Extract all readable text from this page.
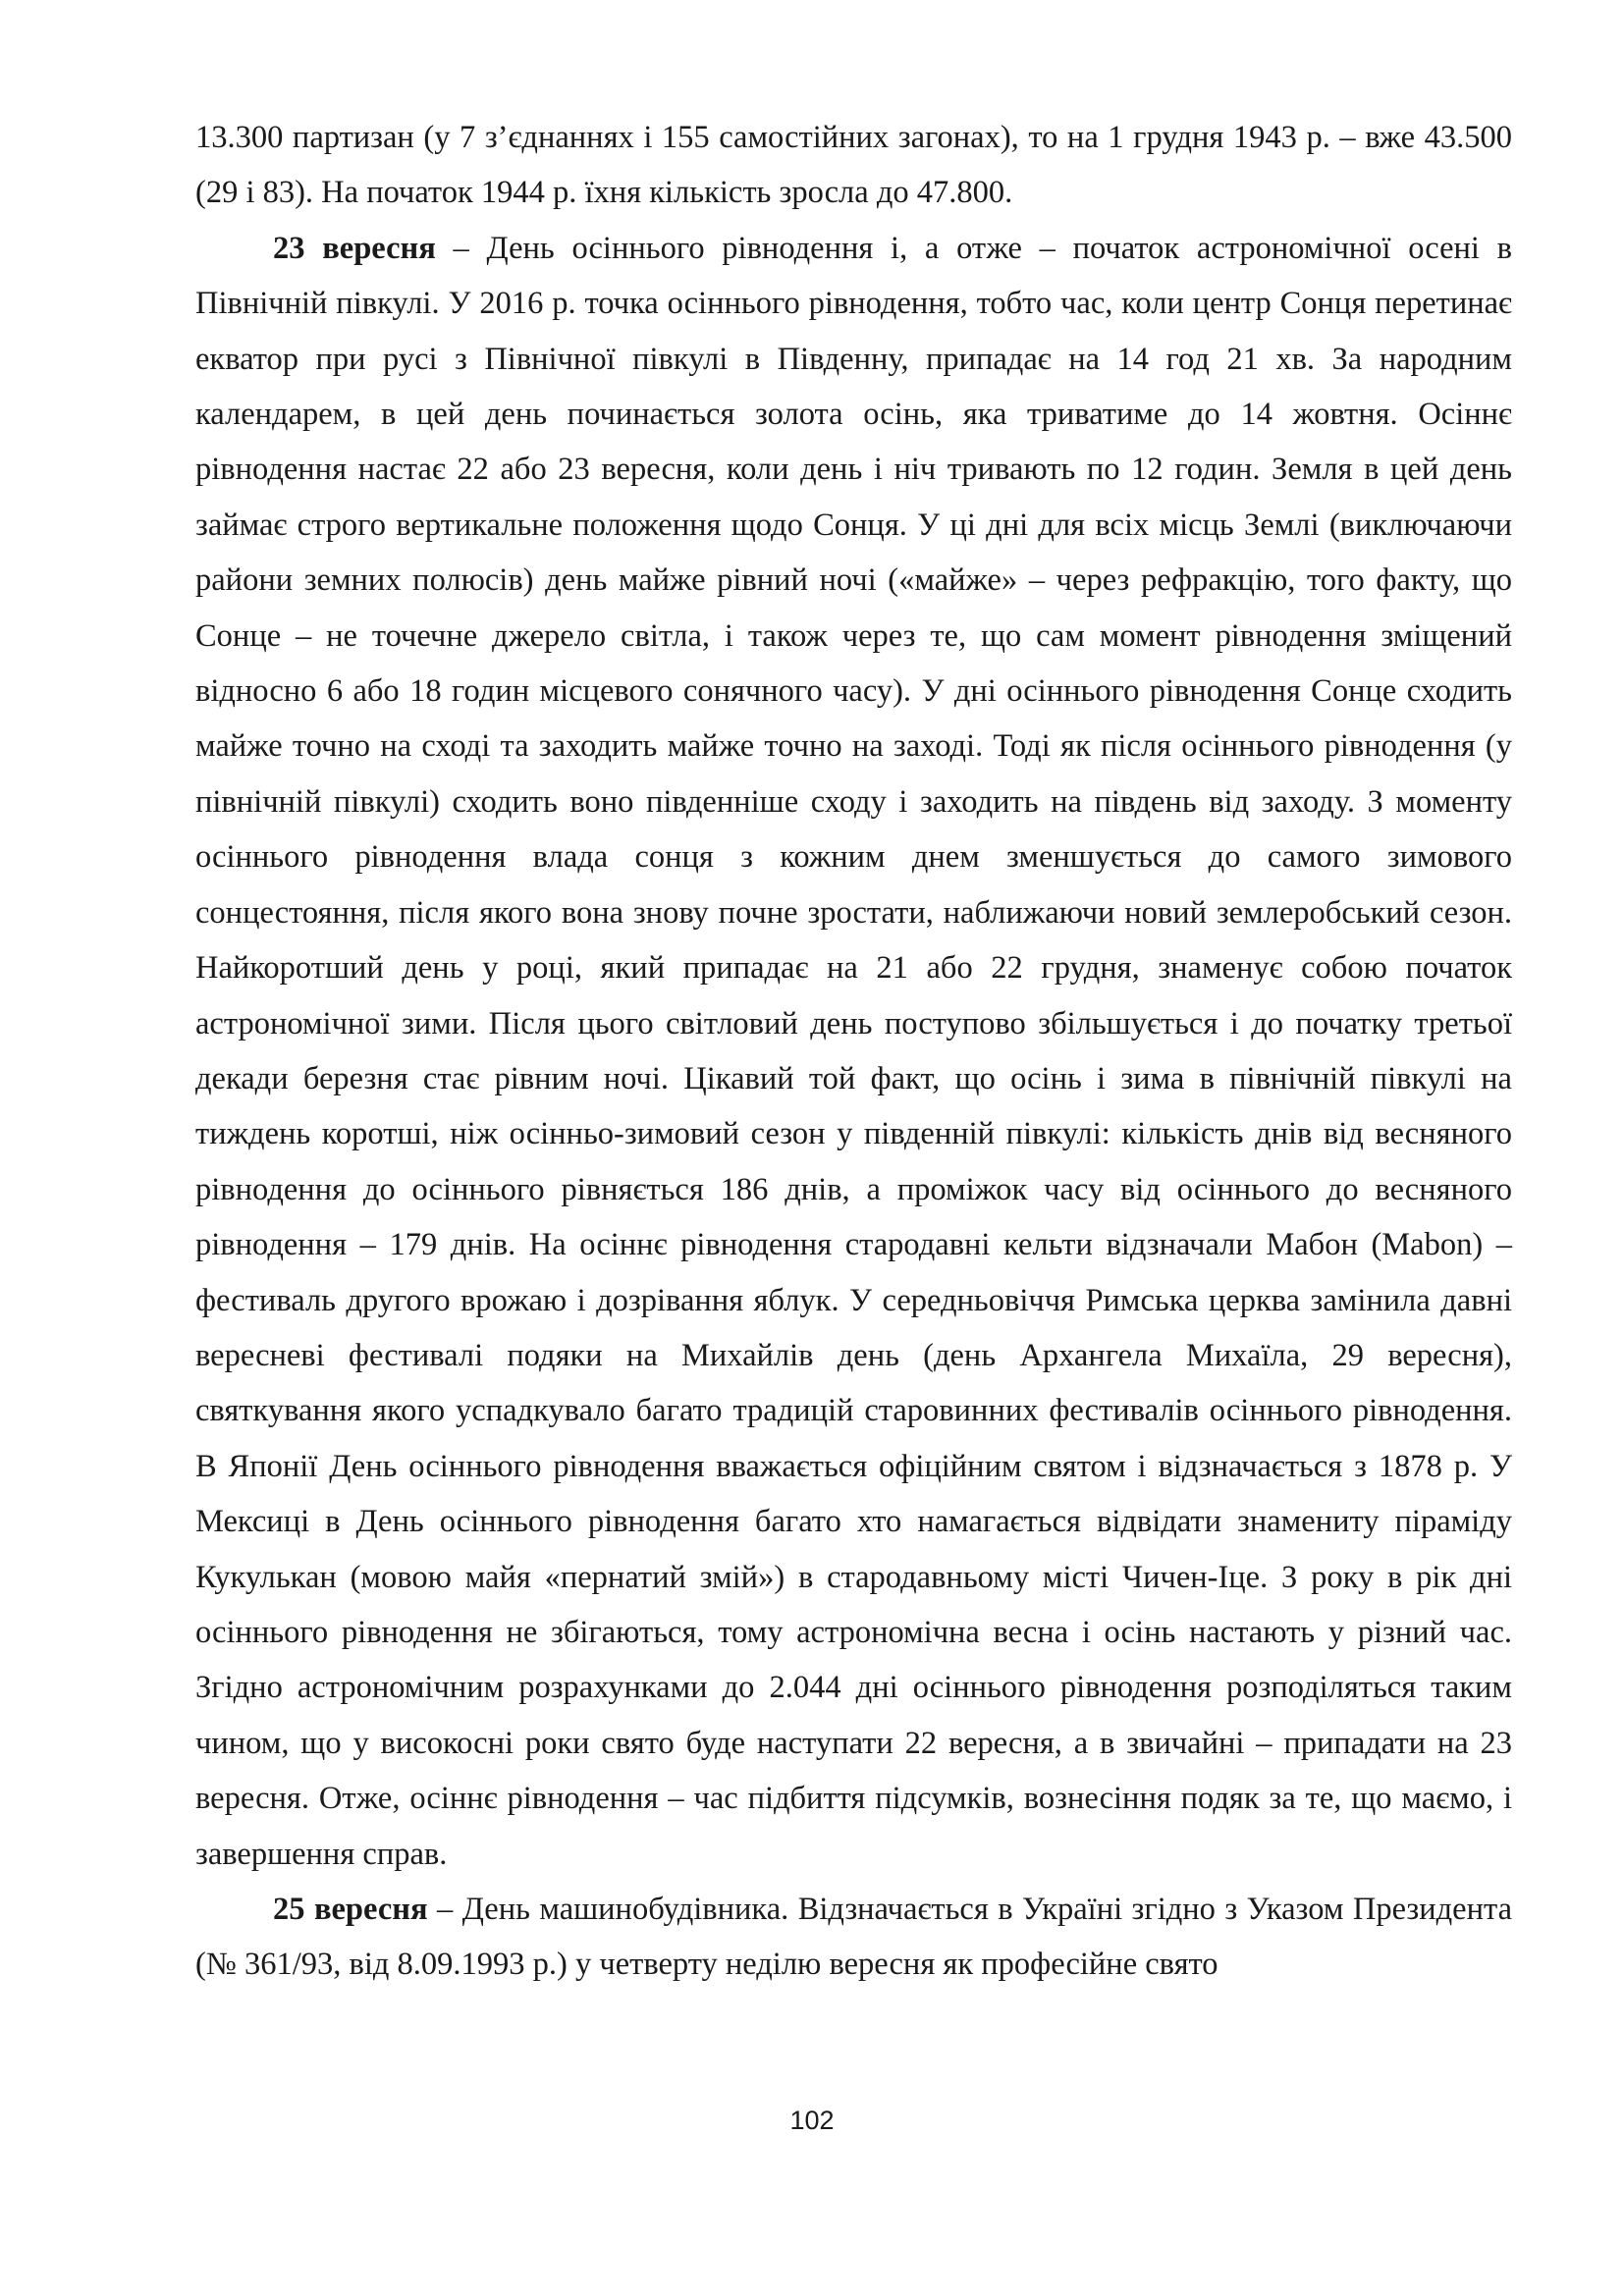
13.300 партизан (у 7 з’єднаннях і 155 самостійних загонах), то на 1 грудня 1943 р. – вже 43.500 (29 і 83). На початок 1944 р. їхня кількість зросла до 47.800.

23 вересня – День осіннього рівнодення і, а отже – початок астрономічної осені в Північній півкулі. У 2016 р. точка осіннього рівнодення, тобто час, коли центр Сонця перетинає екватор при русі з Північної півкулі в Південну, припадає на 14 год 21 хв. За народним календарем, в цей день починається золота осінь, яка триватиме до 14 жовтня. Осіннє рівнодення настає 22 або 23 вересня, коли день і ніч тривають по 12 годин. Земля в цей день займає строго вертикальне положення щодо Сонця. У ці дні для всіх місць Землі (виключаючи райони земних полюсів) день майже рівний ночі («майже» – через рефракцію, того факту, що Сонце – не точечне джерело світла, і також через те, що сам момент рівнодення зміщений відносно 6 або 18 годин місцевого сонячного часу). У дні осіннього рівнодення Сонце сходить майже точно на сході та заходить майже точно на заході. Тоді як після осіннього рівнодення (у північній півкулі) сходить воно південніше сходу і заходить на південь від заходу. З моменту осіннього рівнодення влада сонця з кожним днем зменшується до самого зимового сонцестояння, після якого вона знову почне зростати, наближаючи новий землеробський сезон. Найкоротший день у році, який припадає на 21 або 22 грудня, знаменує собою початок астрономічної зими. Після цього світловий день поступово збільшується і до початку третьої декади березня стає рівним ночі. Цікавий той факт, що осінь і зима в північній півкулі на тиждень коротші, ніж осінньо-зимовий сезон у південній півкулі: кількість днів від весняного рівнодення до осіннього рівняється 186 днів, а проміжок часу від осіннього до весняного рівнодення – 179 днів. На осіннє рівнодення стародавні кельти відзначали Мабон (Mabon) – фестиваль другого врожаю і дозрівання яблук. У середньовіччя Римська церква замінила давні вересневі фестивалі подяки на Михайлів день (день Архангела Михаїла, 29 вересня), святкування якого успадкувало багато традицій старовинних фестивалів осіннього рівнодення. В Японії День осіннього рівнодення вважається офіційним святом і відзначається з 1878 р. У Мексиці в День осіннього рівнодення багато хто намагається відвідати знамениту піраміду Кукулькан (мовою майя «пернатий змій») в стародавньому місті Чичен-Іце. З року в рік дні осіннього рівнодення не збігаються, тому астрономічна весна і осінь настають у різний час. Згідно астрономічним розрахунками до 2.044 дні осіннього рівнодення розподіляться таким чином, що у високосні роки свято буде наступати 22 вересня, а в звичайні – припадати на 23 вересня. Отже, осіннє рівнодення – час підбиття підсумків, вознесіння подяк за те, що маємо, і завершення справ.

25 вересня – День машинобудівника. Відзначається в Україні згідно з Указом Президента (№ 361/93, від 8.09.1993 р.) у четверту неділю вересня як професійне свято

102
